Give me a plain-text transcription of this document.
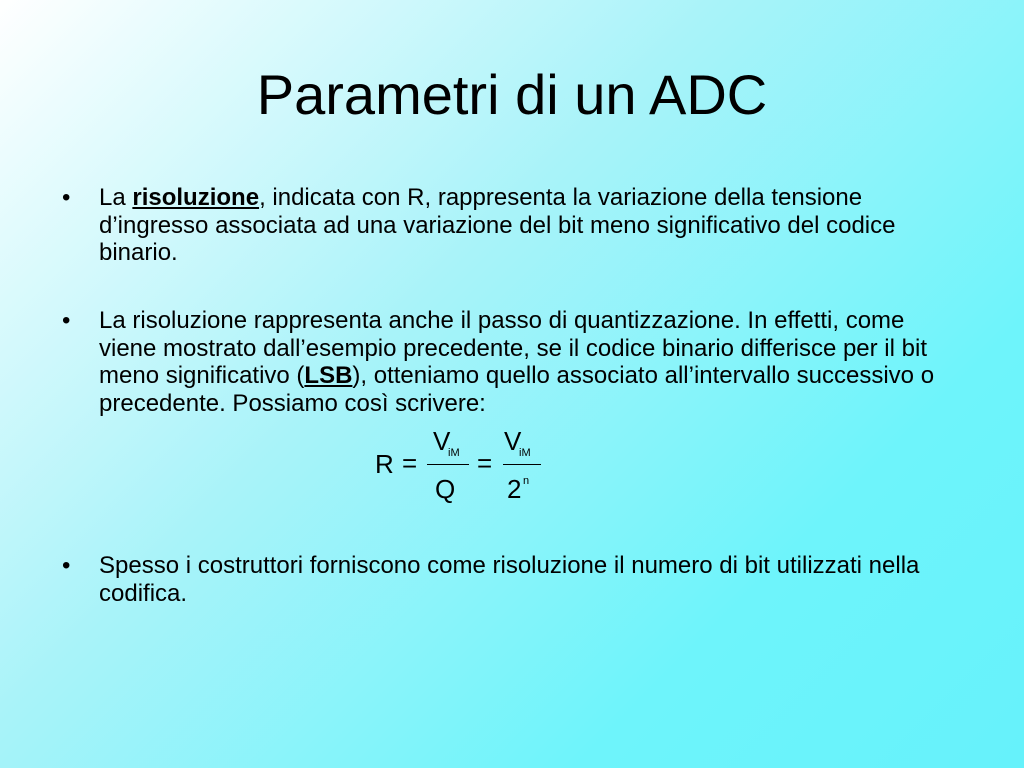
Parametri di un ADC
•	La risoluzione, indicata con R, rappresenta la variazione della tensione d’ingresso associata ad una variazione del bit meno significativo del codice binario.
•	La risoluzione rappresenta anche il passo di quantizzazione. In effetti, come viene mostrato dall’esempio precedente, se il codice binario differisce per il bit meno significativo (LSB), otteniamo quello associato all’intervallo successivo o precedente. Possiamo così scrivere:
R =
V
iM
Q
=
V
iM
2 n
•	Spesso i costruttori forniscono come risoluzione il numero di bit utilizzati nella codifica.
